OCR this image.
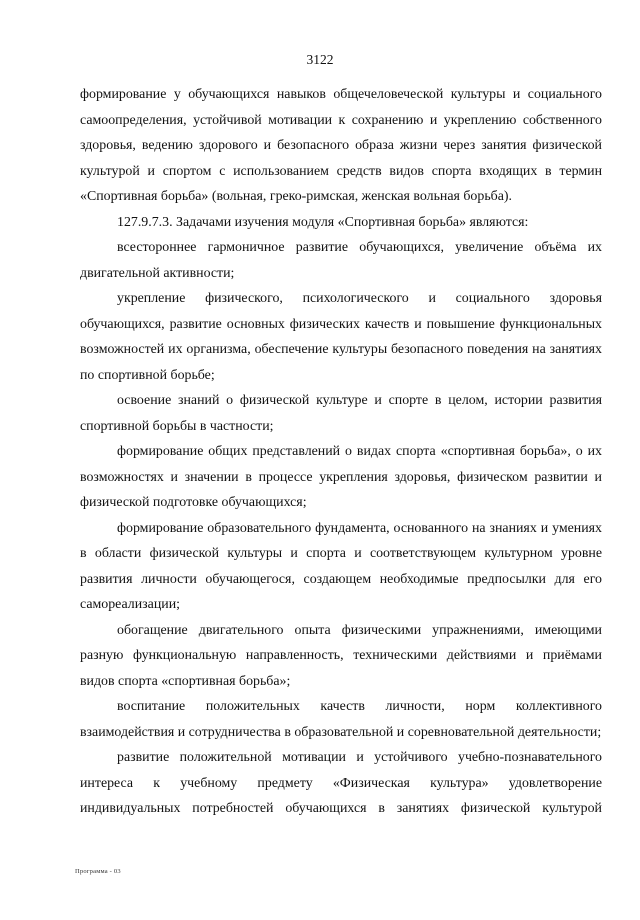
3122

формирование у обучающихся навыков общечеловеческой культуры и социального самоопределения, устойчивой мотивации к сохранению и укреплению собственного здоровья, ведению здорового и безопасного образа жизни через занятия физической культурой и спортом с использованием средств видов спорта входящих в термин «Спортивная борьба» (вольная, греко-римская, женская вольная борьба).

127.9.7.3. Задачами изучения модуля «Спортивная борьба» являются:

всестороннее гармоничное развитие обучающихся, увеличение объёма их двигательной активности;

укрепление физического, психологического и социального здоровья обучающихся, развитие основных физических качеств и повышение функциональных возможностей их организма, обеспечение культуры безопасного поведения на занятиях по спортивной борьбе;

освоение знаний о физической культуре и спорте в целом, истории развития спортивной борьбы в частности;

формирование общих представлений о видах спорта «спортивная борьба», о их возможностях и значении в процессе укрепления здоровья, физическом развитии и физической подготовке обучающихся;

формирование образовательного фундамента, основанного на знаниях и умениях в области физической культуры и спорта и соответствующем культурном уровне развития личности обучающегося, создающем необходимые предпосылки для его самореализации;

обогащение двигательного опыта физическими упражнениями, имеющими разную функциональную направленность, техническими действиями и приёмами видов спорта «спортивная борьба»;

воспитание положительных качеств личности, норм коллективного взаимодействия и сотрудничества в образовательной и соревновательной деятельности;

развитие положительной мотивации и устойчивого учебно-познавательного интереса к учебному предмету «Физическая культура» удовлетворение индивидуальных потребностей обучающихся в занятиях физической культурой

Программа - 03
